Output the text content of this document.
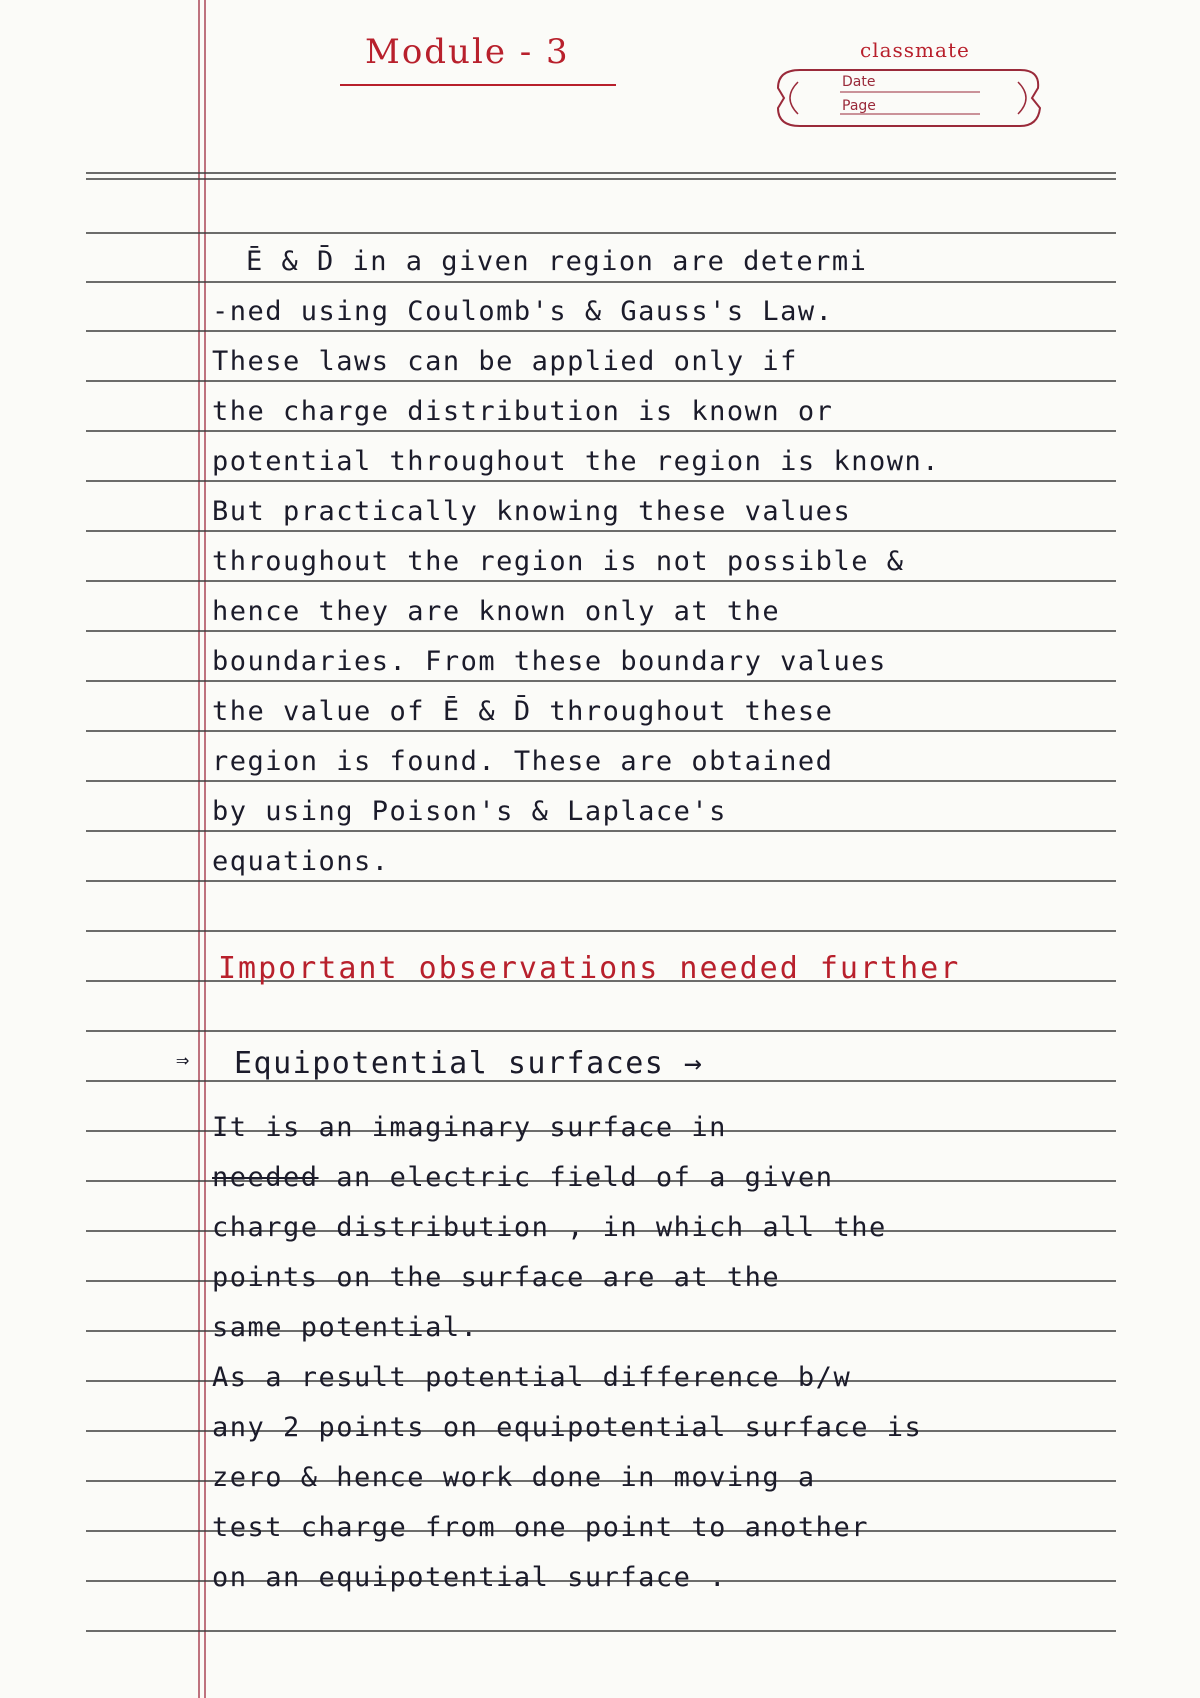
Module - 3	classmate
Date
Page
Ē & D̄ in a given region are determi
-ned using Coulomb's & Gauss's Law.
These laws can be applied only if
the charge distribution is known or
potential throughout the region is known.
But practically knowing these values
throughout the region is not possible &
hence they are known only at the
boundaries. From these boundary values
the value of Ē & D̄ throughout these
region is found. These are obtained
by using Poison's & Laplace's
equations.
Important observations needed further
⇒ Equipotential surfaces →
It is an imaginary surface in
needed an electric field of a given
charge distribution , in which all the
points on the surface are at the
same potential.
As a result potential difference b/w
any 2 points on equipotential surface is
zero & hence work done in moving a
test charge from one point to another
on an equipotential surface .
